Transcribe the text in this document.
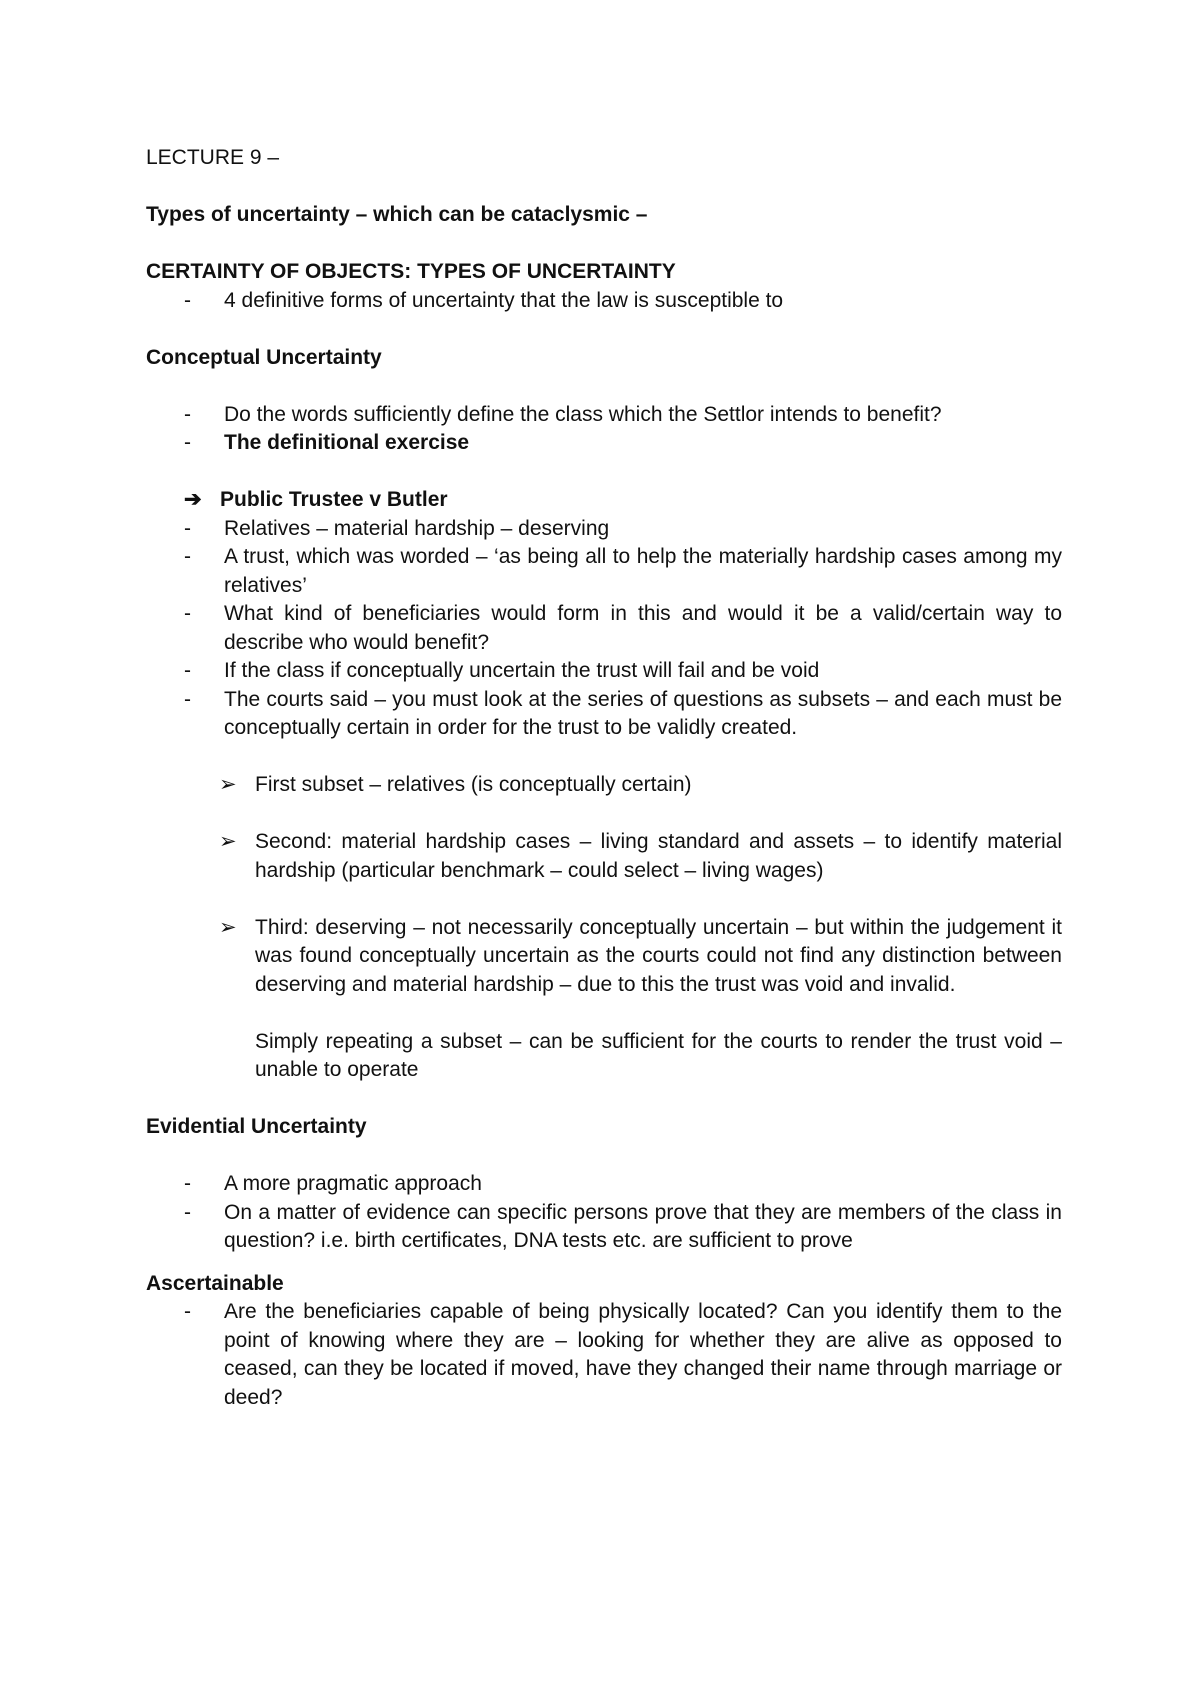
LECTURE 9 –

Types of uncertainty – which can be cataclysmic –

CERTAINTY OF OBJECTS: TYPES OF UNCERTAINTY

-	4 definitive forms of uncertainty that the law is susceptible to

Conceptual Uncertainty

-	Do the words sufficiently define the class which the Settlor intends to benefit?
-	The definitional exercise
➔ Public Trustee v Butler
-	Relatives – material hardship – deserving
-	A trust, which was worded – ‘as being all to help the materially hardship cases among my relatives’
-	What kind of beneficiaries would form in this and would it be a valid/certain way to describe who would benefit?
-	If the class if conceptually uncertain the trust will fail and be void
-	The courts said – you must look at the series of questions as subsets – and each must be conceptually certain in order for the trust to be validly created.
➢ First subset – relatives (is conceptually certain)
➢ Second: material hardship cases – living standard and assets – to identify material hardship (particular benchmark – could select – living wages)
➢ Third: deserving – not necessarily conceptually uncertain – but within the judgement it was found conceptually uncertain as the courts could not find any distinction between deserving and material hardship – due to this the trust was void and invalid.

Simply repeating a subset – can be sufficient for the courts to render the trust void – unable to operate

Evidential Uncertainty

-	A more pragmatic approach
-	On a matter of evidence can specific persons prove that they are members of the class in question? i.e. birth certificates, DNA tests etc. are sufficient to prove

Ascertainable

-	Are the beneficiaries capable of being physically located? Can you identify them to the point of knowing where they are – looking for whether they are alive as opposed to ceased, can they be located if moved, have they changed their name through marriage or deed?
